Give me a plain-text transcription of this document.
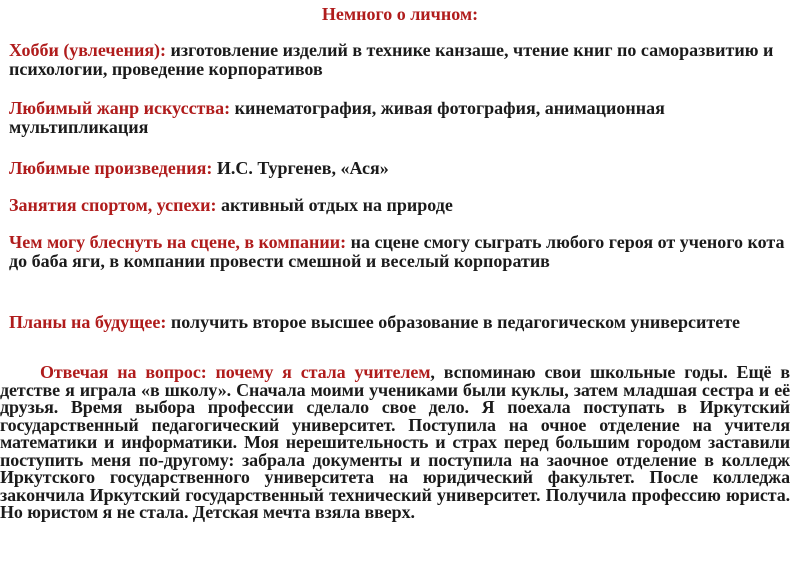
Немного о личном:
Хобби (увлечения): изготовление изделий в технике канзаше, чтение книг по саморазвитию и психологии, проведение корпоративов
Любимый жанр искусства: кинематография, живая фотография, анимационная мультипликация
Любимые произведения: И.С. Тургенев, «Ася»
Занятия спортом, успехи: активный отдых на природе
Чем могу блеснуть на сцене, в компании: на сцене смогу сыграть любого героя от ученого кота до баба яги, в компании провести смешной и веселый корпоратив
Планы на будущее: получить второе высшее образование в педагогическом университете
Отвечая на вопрос: почему я стала учителем, вспоминаю свои школьные годы. Ещё в детстве я играла «в школу». Сначала моими учениками были куклы, затем младшая сестра и её друзья. Время выбора профессии сделало свое дело. Я поехала поступать в Иркутский государственный педагогический университет. Поступила на очное отделение на учителя математики и информатики. Моя нерешительность и страх перед большим городом заставили поступить меня по-другому: забрала документы и поступила на заочное отделение в колледж Иркутского государственного университета на юридический факультет. После колледжа закончила Иркутский государственный технический университет. Получила профессию юриста. Но юристом я не стала. Детская мечта взяла вверх.
